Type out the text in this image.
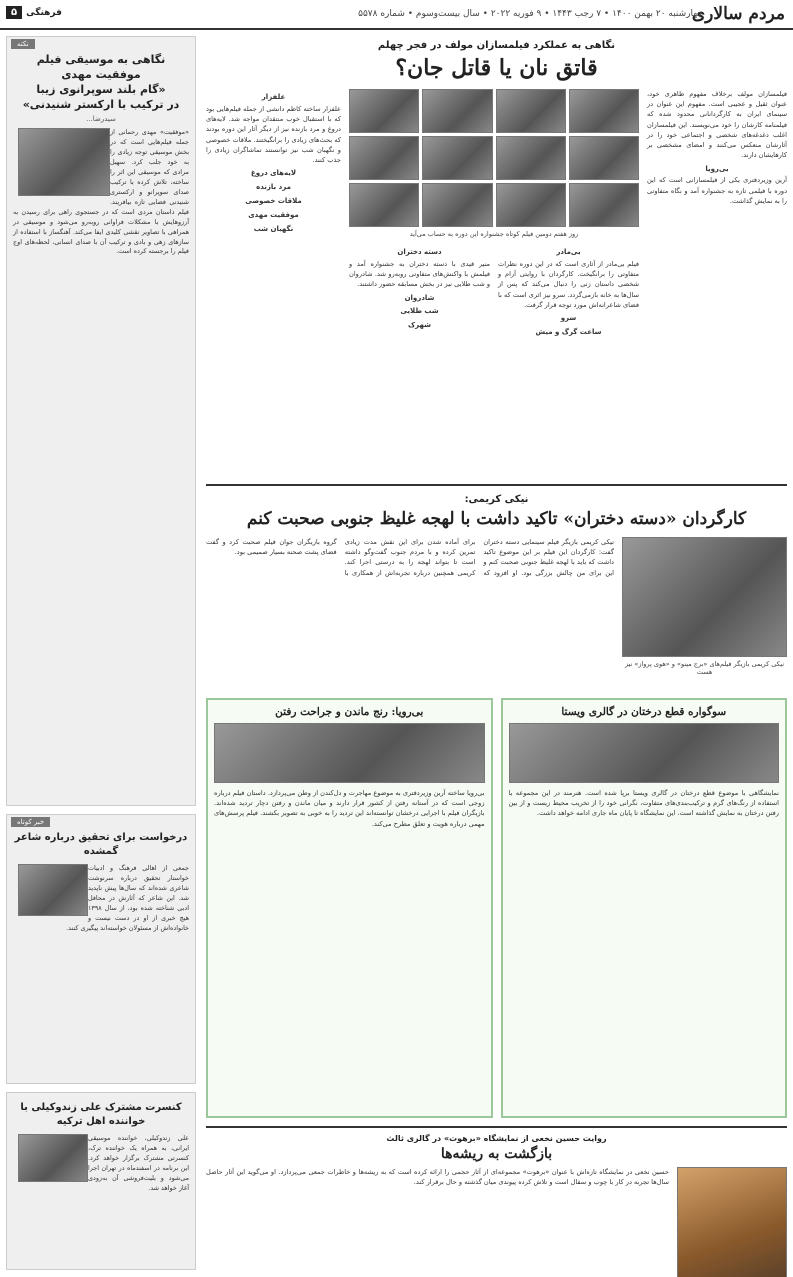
مردم سالاری
چهارشنبه ۲۰ بهمن ۱۴۰۰ • ۷ رجب ۱۴۴۳ • ۹ فوریه ۲۰۲۲ • سال بیست‌وسوم • شماره ۵۵۷۸
فرهنگی
۵
نکته
نگاهی به موسیقی فیلم موفقیت مهدی
«گام بلند سوپرانوی زیبا
در ترکیب با ارکستر شنیدنی»
سیدرضا...
«موفقیت» مهدی رحمانی از جمله فیلم‌هایی است که در بخش موسیقی توجه زیادی را به خود جلب کرد. سهیل مرادی که موسیقی این اثر را ساخته، تلاش کرده با ترکیب صدای سوپرانو و ارکستری شنیدنی فضایی تازه بیافریند. فیلم داستان مردی است که در جستجوی راهی برای رسیدن به آرزوهایش با مشکلات فراوانی روبه‌رو می‌شود و موسیقی در همراهی با تصاویر نقشی کلیدی ایفا می‌کند. آهنگساز با استفاده از سازهای زهی و بادی و ترکیب آن با صدای انسانی، لحظه‌های اوج فیلم را برجسته کرده است.
خبر کوتاه
درخواست برای تحقیق درباره شاعر گمشده
جمعی از اهالی فرهنگ و ادبیات خواستار تحقیق درباره سرنوشت شاعری شده‌اند که سال‌ها پیش ناپدید شد. این شاعر که آثارش در محافل ادبی شناخته شده بود، از سال ۱۳۹۸ هیچ خبری از او در دست نیست و خانواده‌اش از مسئولان خواسته‌اند پیگیری کنند.
کنسرت مشترک علی زندوکیلی با خواننده اهل ترکیه
علی زندوکیلی، خواننده موسیقی ایرانی، به همراه یک خواننده ترک، کنسرتی مشترک برگزار خواهد کرد. این برنامه در اسفندماه در تهران اجرا می‌شود و بلیت‌فروشی آن به‌زودی آغاز خواهد شد.
نگاهی به عملکرد فیلمسازان مولف در فجر چهلم
قاتق نان یا قاتل جان؟
فیلمسازان مولف برخلاف مفهوم ظاهری خود، عنوان ثقیل و عجیبی است. مفهوم این عنوان در سینمای ایران به کارگردانانی محدود شده که فیلمنامه کارشان را خود می‌نویسند. این فیلمسازان اغلب دغدغه‌های شخصی و اجتماعی خود را در آثارشان منعکس می‌کنند و امضای مشخصی بر کارهایشان دارند.
بی‌رویا
آرین وزیردفتری یکی از فیلمسازانی است که این دوره با فیلمی تازه به جشنواره آمد و نگاه متفاوتی را به نمایش گذاشت.
روز هفتم دومین فیلم کوتاه جشنواره این دوره به حساب می‌آید
بی‌مادر
فیلم بی‌مادر از آثاری است که در این دوره نظرات متفاوتی را برانگیخت. کارگردان با روایتی آرام و شخصی داستان زنی را دنبال می‌کند که پس از سال‌ها به خانه بازمی‌گردد. سرو نیز اثری است که با فضای شاعرانه‌اش مورد توجه قرار گرفت.
سرو
ساعت گرگ و میش
دسته دختران
منیر قیدی با دسته دختران به جشنواره آمد و فیلمش با واکنش‌های متفاوتی روبه‌رو شد. شادروان و شب طلایی نیز در بخش مسابقه حضور داشتند.
شادروان
شب طلایی
شهرک
علفزار
علفزار ساخته کاظم دانشی از جمله فیلم‌هایی بود که با استقبال خوب منتقدان مواجه شد. لایه‌های دروغ و مرد بازنده نیز از دیگر آثار این دوره بودند که بحث‌های زیادی را برانگیختند. ملاقات خصوصی و نگهبان شب نیز توانستند تماشاگران زیادی را جذب کنند.
لایه‌های دروغ
مرد بازنده
ملاقات خصوصی
موفقیت مهدی
نگهبان شب
نیکی کریمی:
کارگردان «دسته دختران» تاکید داشت با لهجه غلیظ جنوبی صحبت کنم
نیکی کریمی بازیگر فیلم‌های «برج مینو» و «هوی پرواز» نیز هست
نیکی کریمی بازیگر فیلم سینمایی دسته دختران گفت: کارگردان این فیلم بر این موضوع تاکید داشت که باید با لهجه غلیظ جنوبی صحبت کنم و این برای من چالش بزرگی بود. او افزود که برای آماده شدن برای این نقش مدت زیادی تمرین کرده و با مردم جنوب گفت‌وگو داشته است تا بتواند لهجه را به درستی اجرا کند. کریمی همچنین درباره تجربه‌اش از همکاری با گروه بازیگران جوان فیلم صحبت کرد و گفت فضای پشت صحنه بسیار صمیمی بود.
سوگواره قطع درختان در گالری ویستا
نمایشگاهی با موضوع قطع درختان در گالری ویستا برپا شده است. هنرمند در این مجموعه با استفاده از رنگ‌های گرم و ترکیب‌بندی‌های متفاوت، نگرانی خود را از تخریب محیط زیست و از بین رفتن درختان به نمایش گذاشته است. این نمایشگاه تا پایان ماه جاری ادامه خواهد داشت.
بی‌رویا: رنج ماندن و جراحت رفتن
بی‌رویا ساخته آرین وزیردفتری به موضوع مهاجرت و دل‌کندن از وطن می‌پردازد. داستان فیلم درباره زوجی است که در آستانه رفتن از کشور قرار دارند و میان ماندن و رفتن دچار تردید شده‌اند. بازیگران فیلم با اجرایی درخشان توانسته‌اند این تردید را به خوبی به تصویر بکشند. فیلم پرسش‌های مهمی درباره هویت و تعلق مطرح می‌کند.
روایت حسین نخعی از نمایشگاه «برهوت» در گالری ثالث
بازگشت به ریشه‌ها
حسین نخعی در نمایشگاه تازه‌اش با عنوان «برهوت» مجموعه‌ای از آثار حجمی را ارائه کرده است که به ریشه‌ها و خاطرات جمعی می‌پردازد. او می‌گوید این آثار حاصل سال‌ها تجربه در کار با چوب و سفال است و تلاش کرده پیوندی میان گذشته و حال برقرار کند.
